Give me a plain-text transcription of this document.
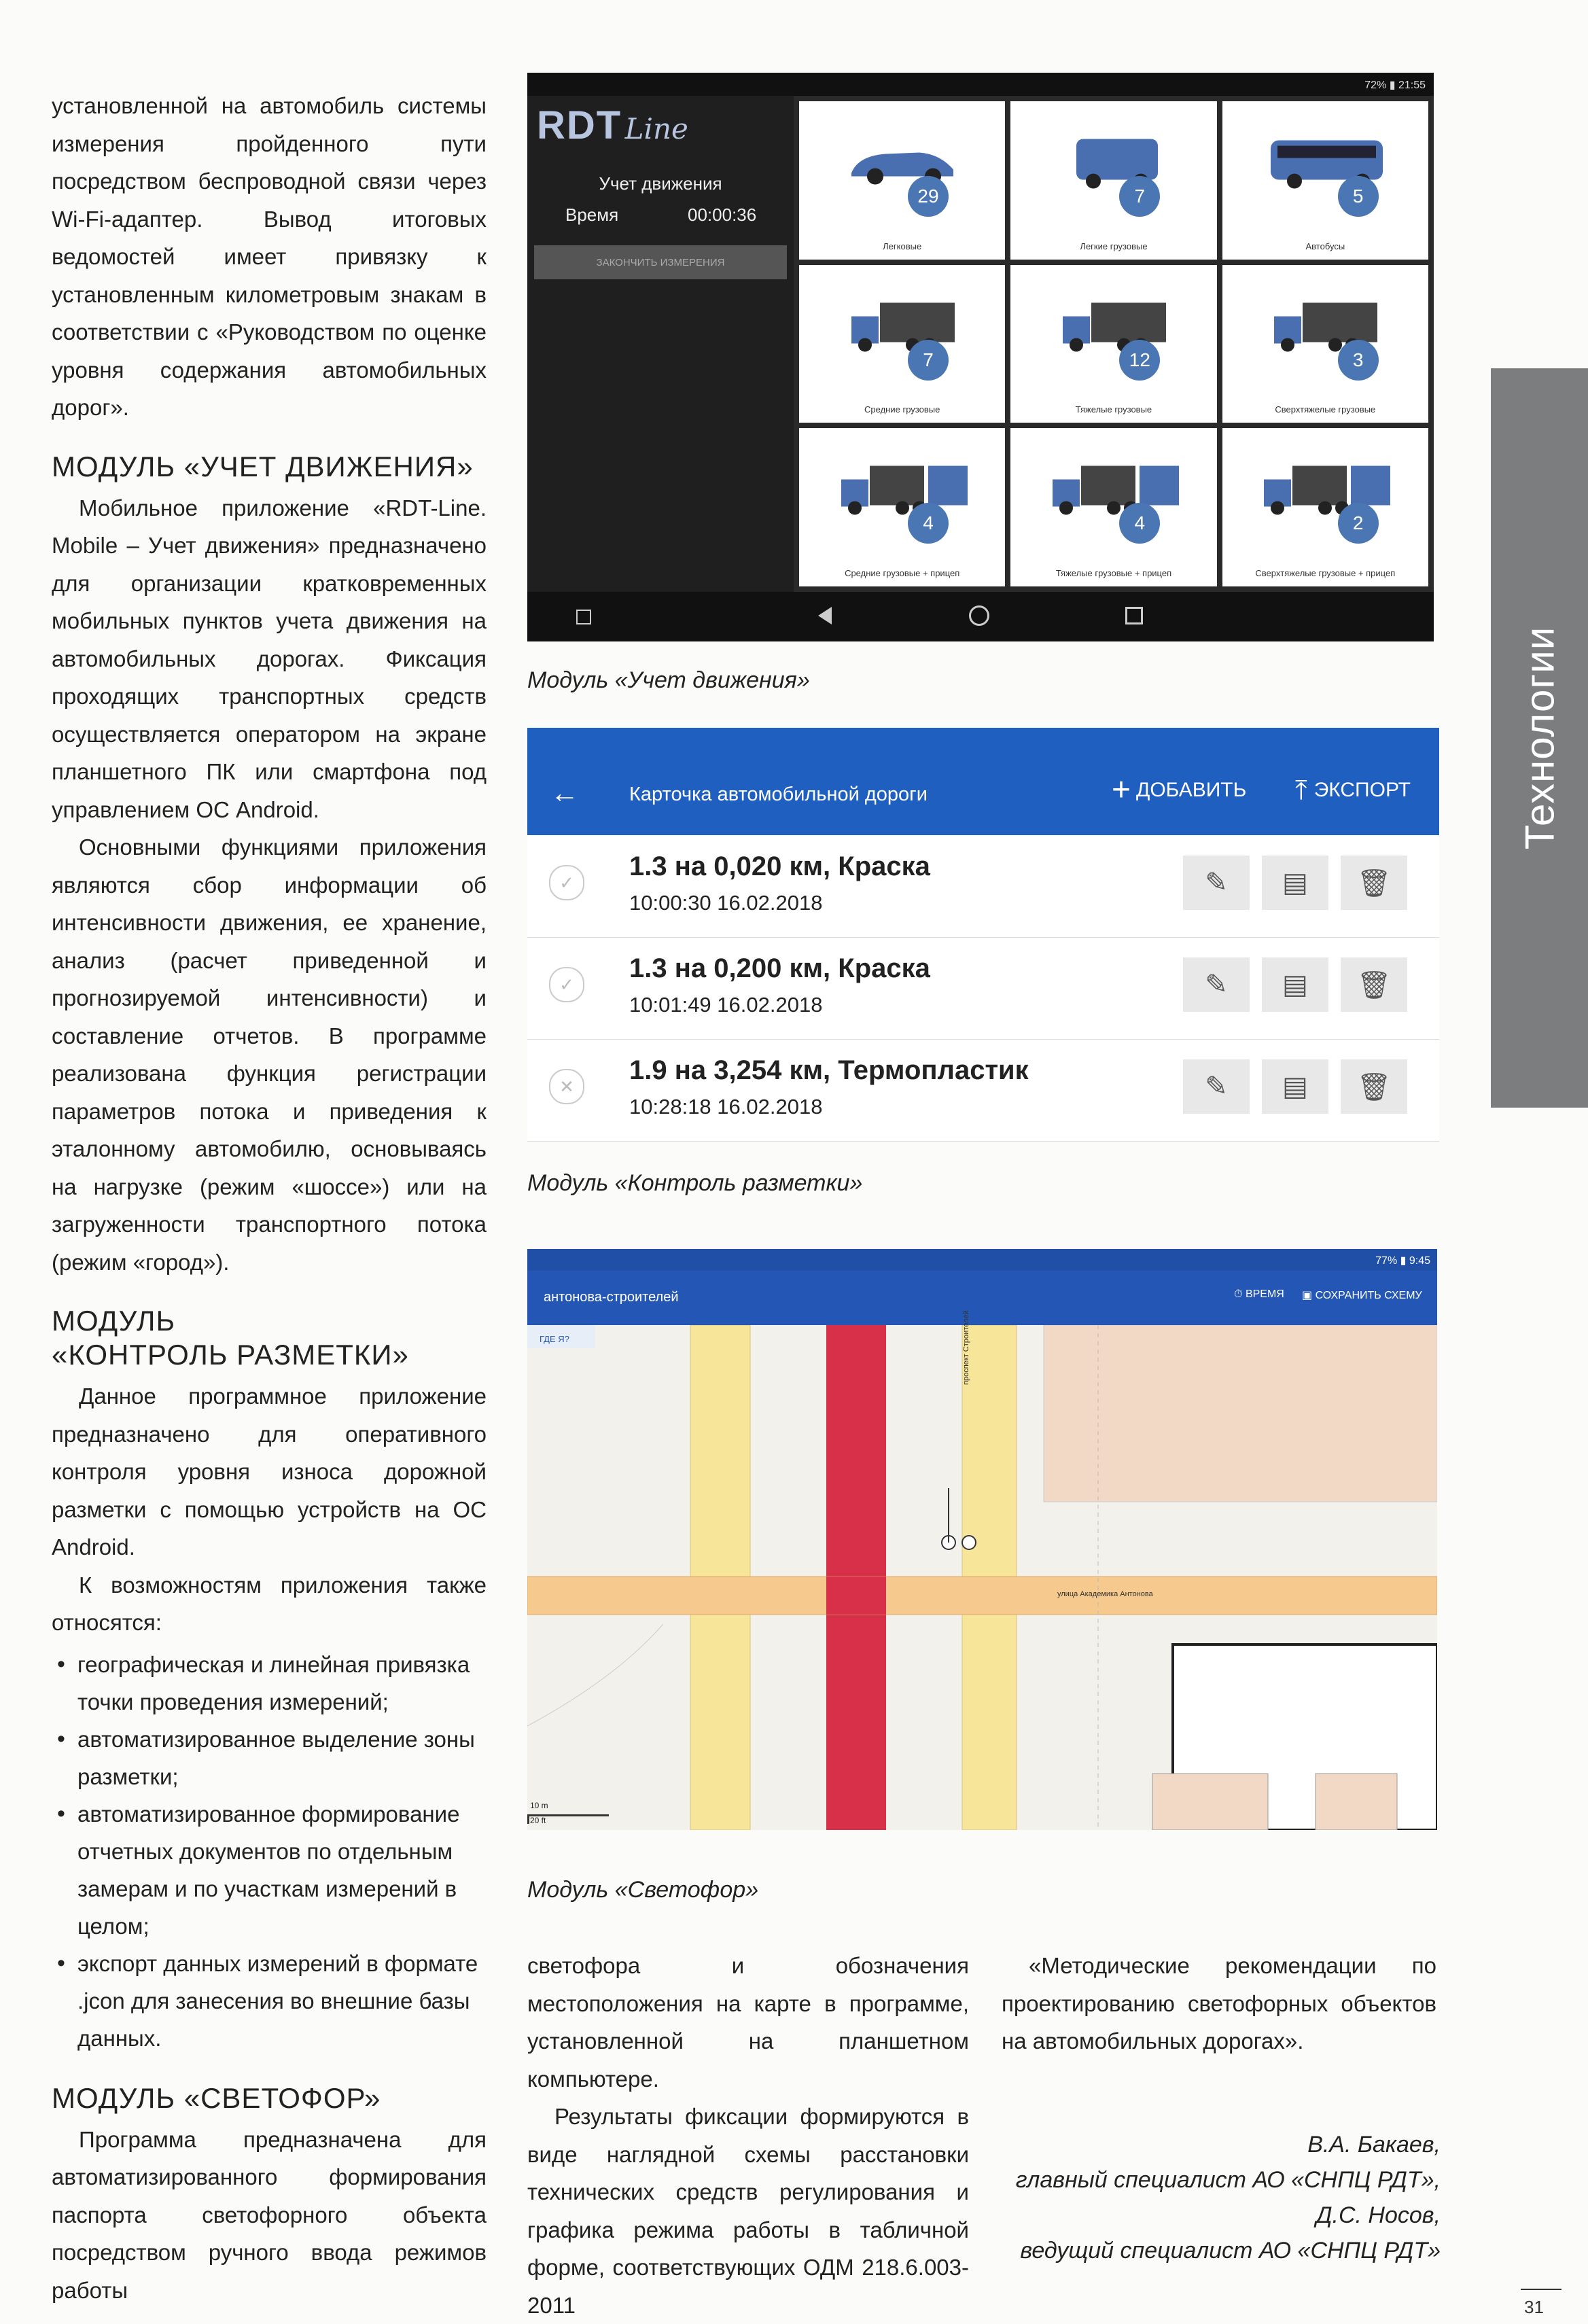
установленной на автомобиль системы измерения пройденного пути посредством беспроводной связи через Wi-Fi-адаптер. Вывод итоговых ведомостей имеет привязку к установленным километровым знакам в соответствии с «Руководством по оценке уровня содержания автомобильных дорог».

МОДУЛЬ «УЧЕТ ДВИЖЕНИЯ»

Мобильное приложение «RDT-Line. Mobile – Учет движения» предназначено для организации кратковременных мобильных пунктов учета движения на автомобильных дорогах. Фиксация проходящих транспортных средств осуществляется оператором на экране планшетного ПК или смартфона под управлением ОС Android.

Основными функциями приложения являются сбор информации об интенсивности движения, ее хранение, анализ (расчет приведенной и прогнозируемой интенсивности) и составление отчетов. В программе реализована функция регистрации параметров потока и приведения к эталонному автомобилю, основываясь на нагрузке (режим «шоссе») или на загруженности транспортного потока (режим «город»).

МОДУЛЬ
«КОНТРОЛЬ РАЗМЕТКИ»

Данное программное приложение предназначено для оперативного контроля уровня износа дорожной разметки с помощью устройств на ОС Android.

К возможностям приложения также относятся:

• географическая и линейная привязка точки проведения измерений;
• автоматизированное выделение зоны разметки;
• автоматизированное формирование отчетных документов по отдельным замерам и по участкам измерений в целом;
• экспорт данных измерений в формате .jcon для занесения во внешние базы данных.
МОДУЛЬ «СВЕТОФОР»

Программа предназначена для автоматизированного формирования паспорта светофорного объекта посредством ручного ввода режимов работы

Технологии
72% ▮ 21:55
RDT Line
Учет движения
Время	00:00:36
ЗАКОНЧИТЬ ИЗМЕРЕНИЯ
29
Легковые
7
Легкие грузовые
5
Автобусы
7
Средние грузовые
12
Тяжелые грузовые
3
Сверхтяжелые грузовые
4
Средние грузовые + прицеп
4
Тяжелые грузовые + прицеп
2
Сверхтяжелые грузовые + прицеп
Модуль «Учет движения»
←	Карточка автомобильной дороги	+ ДОБАВИТЬ ⤒ ЭКСПОРТ
✓
1.3 на 0,020 км, Краска
10:00:30 16.02.2018
✎ ▤ 🗑
✓
1.3 на 0,200 км, Краска
10:01:49 16.02.2018
✎ ▤ 🗑
✕
1.9 на 3,254 км, Термопластик
10:28:18 16.02.2018
✎ ▤ 🗑
Модуль «Контроль разметки»
77% ▮ 9:45
антонова-строителей	⏱ ВРЕМЯ ▣ СОХРАНИТЬ СХЕМУ
ГДЕ Я?
улица Академика Антонова
проспект Строителей
10 m
20 ft
Модуль «Светофор»

светофора и обозначения местоположения на карте в программе, установленной на планшетном компьютере.

Результаты фиксации формируются в виде наглядной схемы расстановки технических средств регулирования и графика режима работы в табличной форме, соответствующих ОДМ 218.6.003-2011

«Методические рекомендации по проектированию светофорных объектов на автомобильных дорогах».

В.А. Бакаев,
главный специалист АО «СНПЦ РДТ»,
Д.С. Носов,
ведущий специалист АО «СНПЦ РДТ»
31
